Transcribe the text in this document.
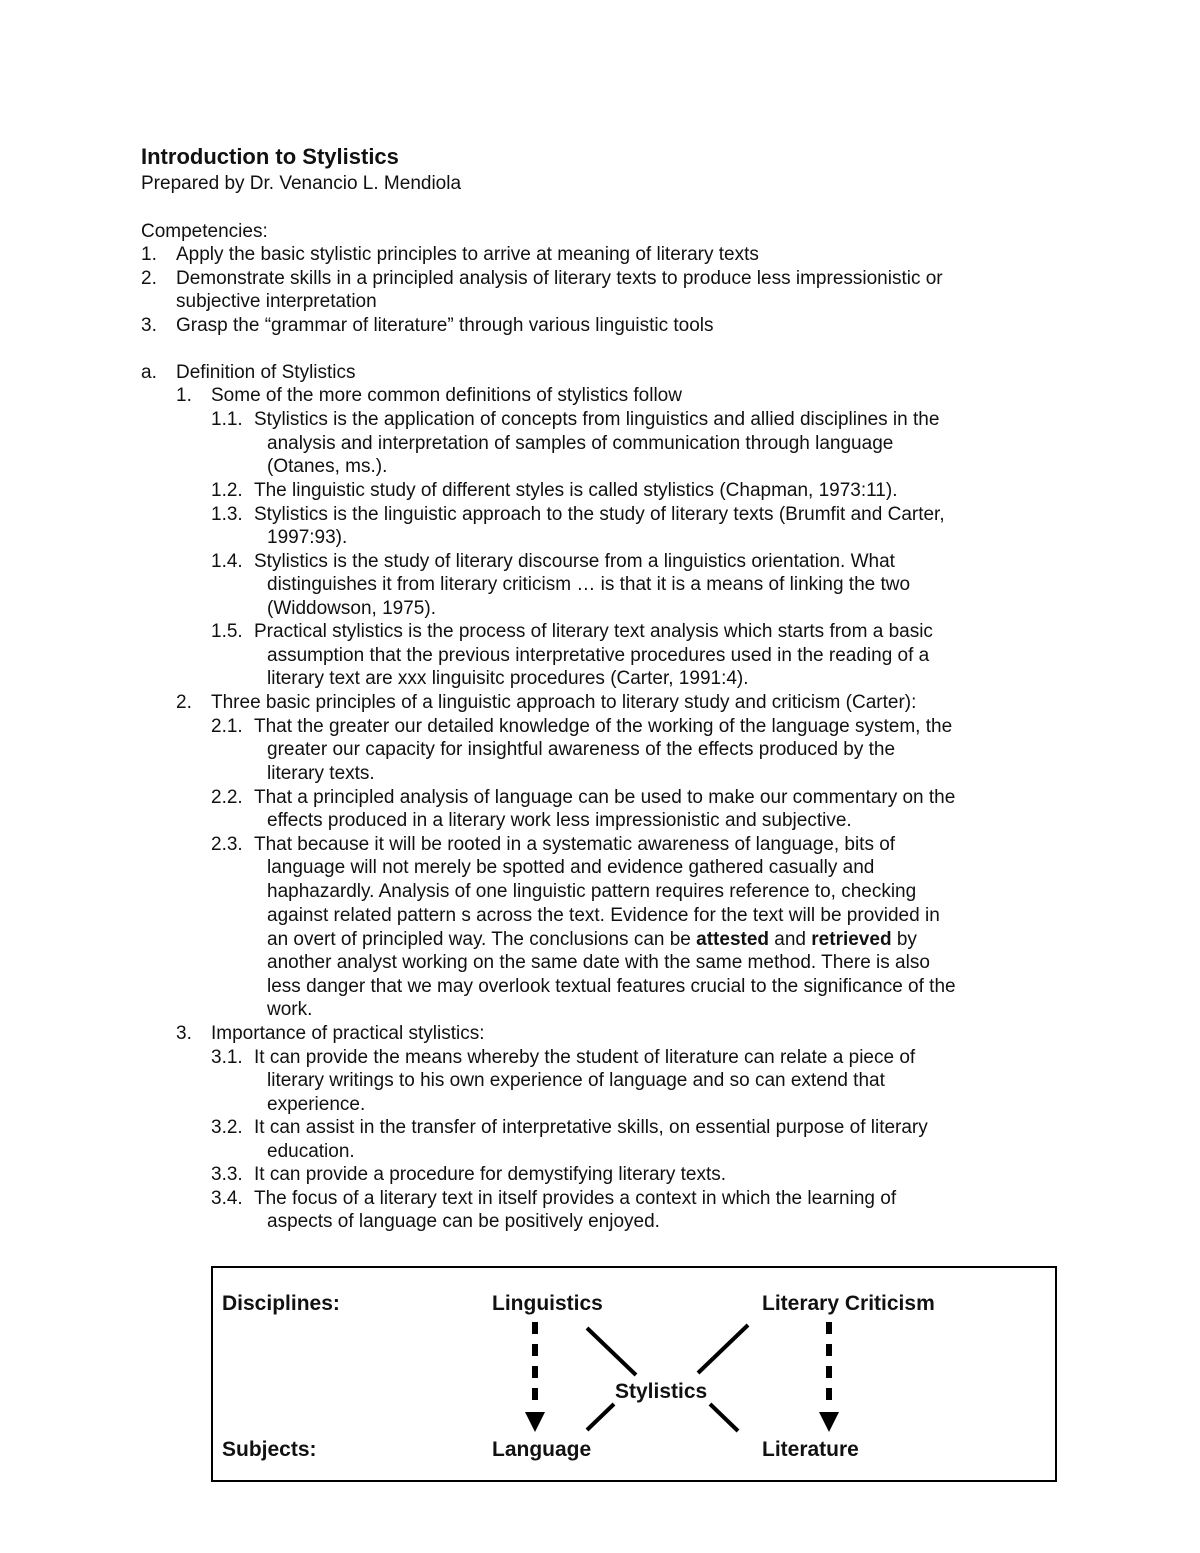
Introduction to Stylistics
Prepared by Dr. Venancio L. Mendiola
Competencies:
1. Apply the basic stylistic principles to arrive at meaning of literary texts
2. Demonstrate skills in a principled analysis of literary texts to produce less impressionistic or
subjective interpretation
3. Grasp the “grammar of literature” through various linguistic tools
a. Definition of Stylistics
1. Some of the more common definitions of stylistics follow
1.1. Stylistics is the application of concepts from linguistics and allied disciplines in the
analysis and interpretation of samples of communication through language
(Otanes, ms.).
1.2. The linguistic study of different styles is called stylistics (Chapman, 1973:11).
1.3. Stylistics is the linguistic approach to the study of literary texts (Brumfit and Carter,
1997:93).
1.4. Stylistics is the study of literary discourse from a linguistics orientation. What
distinguishes it from literary criticism … is that it is a means of linking the two
(Widdowson, 1975).
1.5. Practical stylistics is the process of literary text analysis which starts from a basic
assumption that the previous interpretative procedures used in the reading of a
literary text are xxx linguisitc procedures (Carter, 1991:4).
2. Three basic principles of a linguistic approach to literary study and criticism (Carter):
2.1. That the greater our detailed knowledge of the working of the language system, the
greater our capacity for insightful awareness of the effects produced by the
literary texts.
2.2. That a principled analysis of language can be used to make our commentary on the
effects produced in a literary work less impressionistic and subjective.
2.3. That because it will be rooted in a systematic awareness of language, bits of
language will not merely be spotted and evidence gathered casually and
haphazardly. Analysis of one linguistic pattern requires reference to, checking
against related pattern s across the text. Evidence for the text will be provided in
an overt of principled way. The conclusions can be attested and retrieved by
another analyst working on the same date with the same method. There is also
less danger that we may overlook textual features crucial to the significance of the
work.
3. Importance of practical stylistics:
3.1. It can provide the means whereby the student of literature can relate a piece of
literary writings to his own experience of language and so can extend that
experience.
3.2. It can assist in the transfer of interpretative skills, on essential purpose of literary
education.
3.3. It can provide a procedure for demystifying literary texts.
3.4. The focus of a literary text in itself provides a context in which the learning of
aspects of language can be positively enjoyed.
Disciplines:	Linguistics	Literary Criticism
Stylistics
Subjects:	Language	Literature
